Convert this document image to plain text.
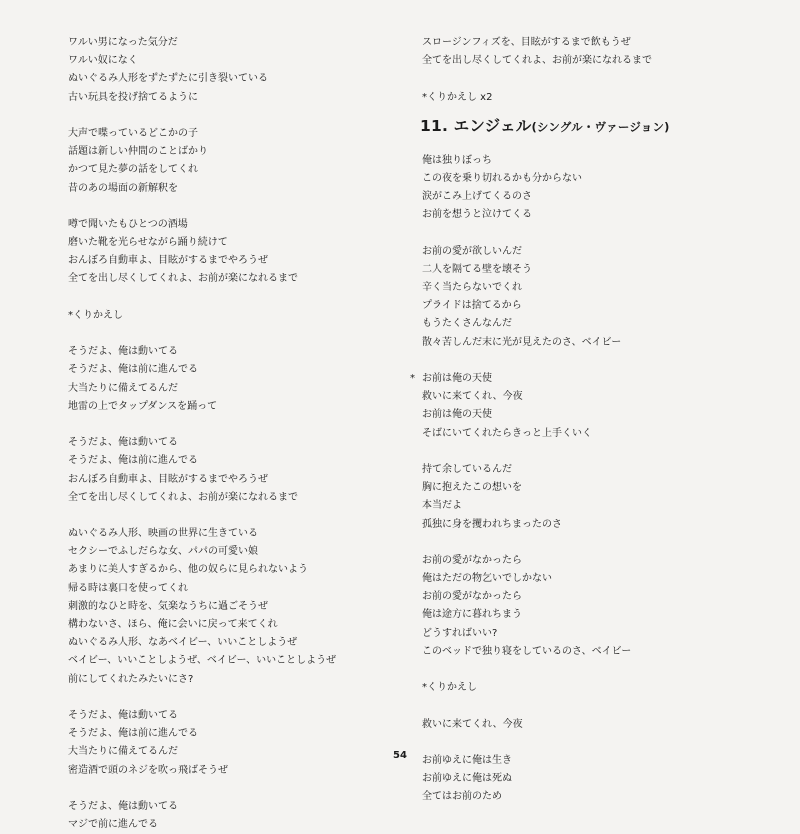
ワルい男になった気分だ
ワルい奴になく
ぬいぐるみ人形をずたずたに引き裂いている
古い玩具を投げ捨てるように
大声で喋っているどこかの子
話題は新しい仲間のことばかり
かつて見た夢の話をしてくれ
昔のあの場面の新解釈を
噂で聞いたもひとつの酒場
磨いた靴を光らせながら踊り続けて
おんぼろ自動車よ、目眩がするまでやろうぜ
全てを出し尽くしてくれよ、お前が楽になれるまで
*くりかえし
そうだよ、俺は動いてる
そうだよ、俺は前に進んでる
大当たりに備えてるんだ
地雷の上でタップダンスを踊って
そうだよ、俺は動いてる
そうだよ、俺は前に進んでる
おんぼろ自動車よ、目眩がするまでやろうぜ
全てを出し尽くしてくれよ、お前が楽になれるまで
ぬいぐるみ人形、映画の世界に生きている
セクシーでふしだらな女、パパの可愛い娘
あまりに美人すぎるから、他の奴らに見られないよう
帰る時は裏口を使ってくれ
刺激的なひと時を、気楽なうちに過ごそうぜ
構わないさ、ほら、俺に会いに戻って来てくれ
ぬいぐるみ人形、なあベイビー、いいことしようぜ
ベイビー、いいことしようぜ、ベイビー、いいことしようぜ
前にしてくれたみたいにさ?
そうだよ、俺は動いてる
そうだよ、俺は前に進んでる
大当たりに備えてるんだ
密造酒で頭のネジを吹っ飛ばそうぜ
そうだよ、俺は動いてる
マジで前に進んでる
スロージンフィズを、目眩がするまで飲もうぜ
全てを出し尽くしてくれよ、お前が楽になれるまで
*くりかえし x2
11. エンジェル(シングル・ヴァージョン)
俺は独りぼっち
この夜を乗り切れるかも分からない
涙がこみ上げてくるのさ
お前を想うと泣けてくる
お前の愛が欲しいんだ
二人を隔てる壁を壊そう
辛く当たらないでくれ
プライドは捨てるから
もうたくさんなんだ
散々苦しんだ末に光が見えたのさ、ベイビー
* お前は俺の天使
救いに来てくれ、今夜
お前は俺の天使
そばにいてくれたらきっと上手くいく
持て余しているんだ
胸に抱えたこの想いを
本当だよ
孤独に身を攫われちまったのさ
お前の愛がなかったら
俺はただの物乞いでしかない
お前の愛がなかったら
俺は途方に暮れちまう
どうすればいい?
このベッドで独り寝をしているのさ、ベイビー
*くりかえし
救いに来てくれ、今夜
お前ゆえに俺は生き
お前ゆえに俺は死ぬ
全てはお前のため
54
